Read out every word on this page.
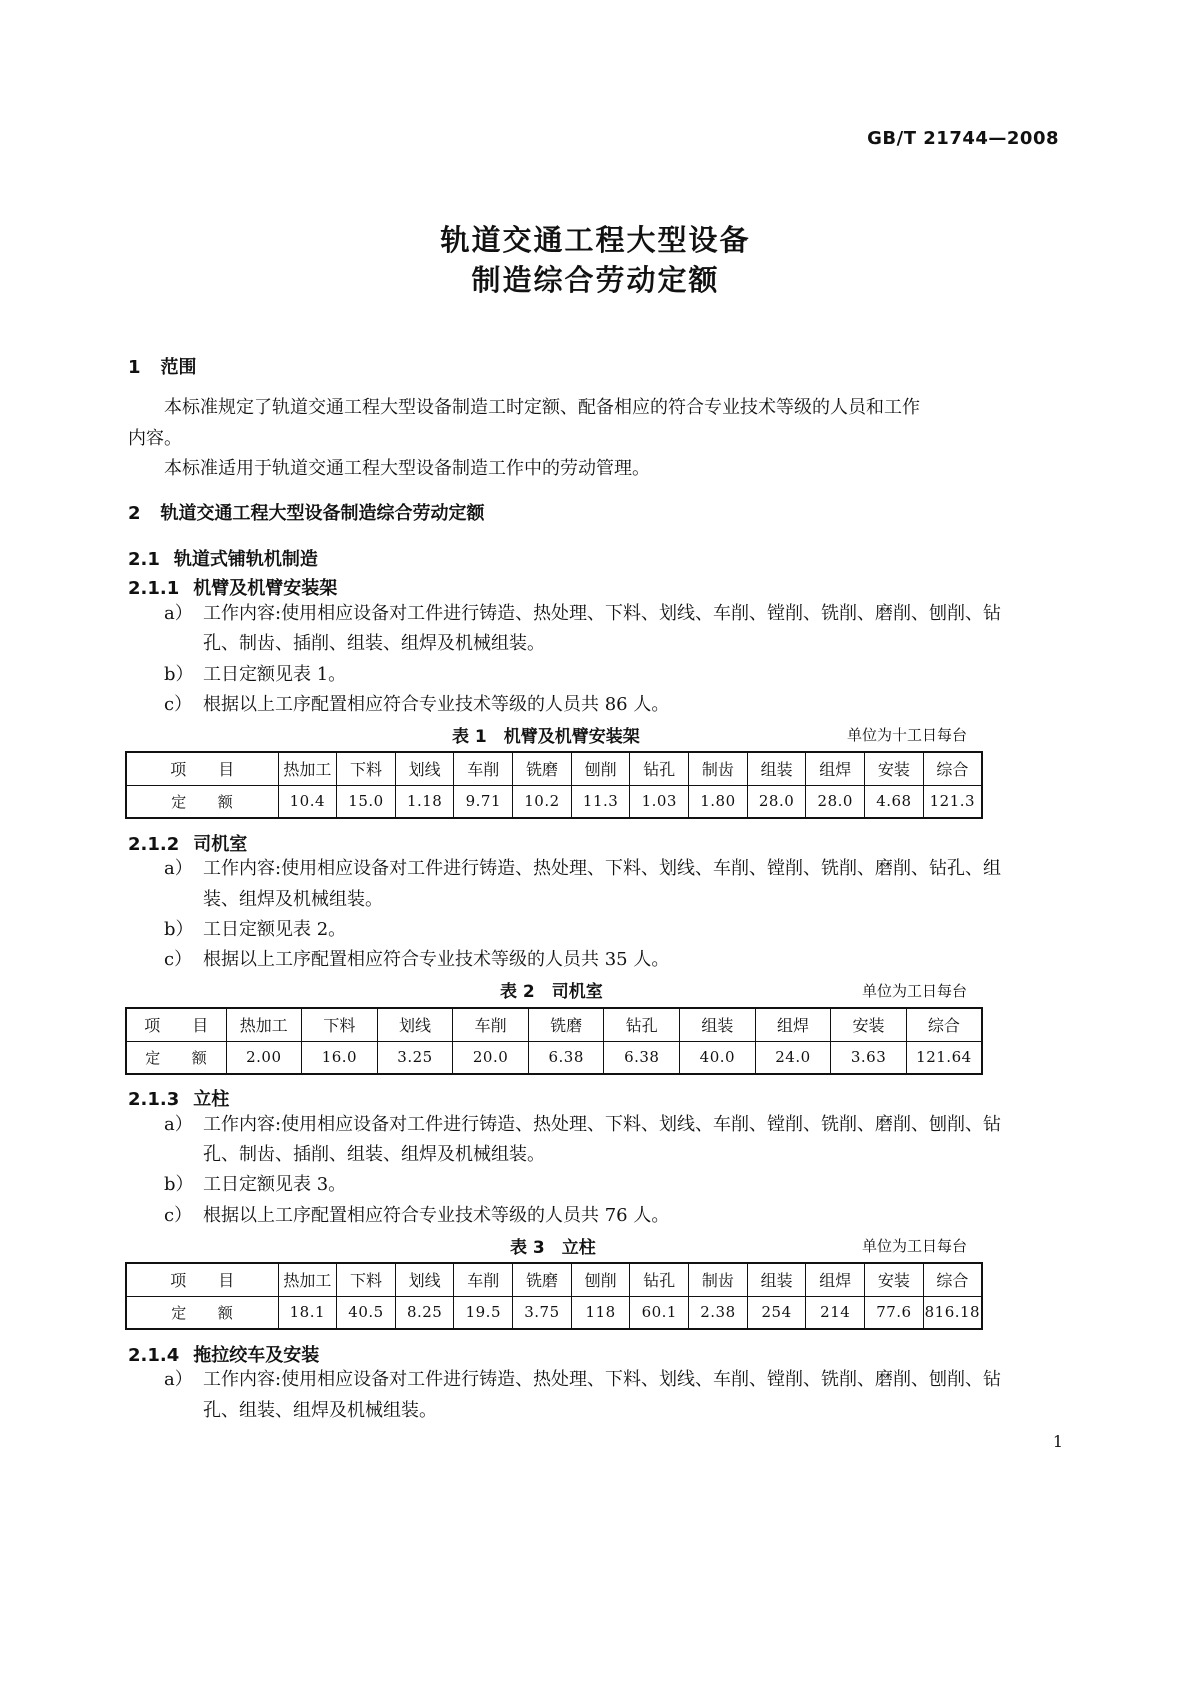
GB/T 21744—2008
轨道交通工程大型设备
制造综合劳动定额
1 范围
本标准规定了轨道交通工程大型设备制造工时定额、配备相应的符合专业技术等级的人员和工作
内容。
本标准适用于轨道交通工程大型设备制造工作中的劳动管理。
2 轨道交通工程大型设备制造综合劳动定额
2.1 轨道式铺轨机制造
2.1.1 机臂及机臂安装架
a） 工作内容:使用相应设备对工件进行铸造、热处理、下料、划线、车削、镗削、铣削、磨削、刨削、钻
孔、制齿、插削、组装、组焊及机械组装。
b） 工日定额见表 1。
c） 根据以上工序配置相应符合专业技术等级的人员共 86 人。
表 1　机臂及机臂安装架	单位为十工日每台
项　　目	热加工	下料	划线	车削	铣磨	刨削	钻孔	制齿	组装	组焊	安装	综合
定　　额	10.4	15.0	1.18	9.71	10.2	11.3	1.03	1.80	28.0	28.0	4.68	121.3
2.1.2 司机室
a） 工作内容:使用相应设备对工件进行铸造、热处理、下料、划线、车削、镗削、铣削、磨削、钻孔、组
装、组焊及机械组装。
b） 工日定额见表 2。
c） 根据以上工序配置相应符合专业技术等级的人员共 35 人。
表 2　司机室	单位为工日每台
项　　目	热加工	下料	划线	车削	铣磨	钻孔	组装	组焊	安装	综合
定　　额	2.00	16.0	3.25	20.0	6.38	6.38	40.0	24.0	3.63	121.64
2.1.3 立柱
a） 工作内容:使用相应设备对工件进行铸造、热处理、下料、划线、车削、镗削、铣削、磨削、刨削、钻
孔、制齿、插削、组装、组焊及机械组装。
b） 工日定额见表 3。
c） 根据以上工序配置相应符合专业技术等级的人员共 76 人。
表 3　立柱	单位为工日每台
项　　目	热加工	下料	划线	车削	铣磨	刨削	钻孔	制齿	组装	组焊	安装	综合
定　　额	18.1	40.5	8.25	19.5	3.75	118	60.1	2.38	254	214	77.6	816.18
2.1.4 拖拉绞车及安装
a） 工作内容:使用相应设备对工件进行铸造、热处理、下料、划线、车削、镗削、铣削、磨削、刨削、钻
孔、组装、组焊及机械组装。
1
